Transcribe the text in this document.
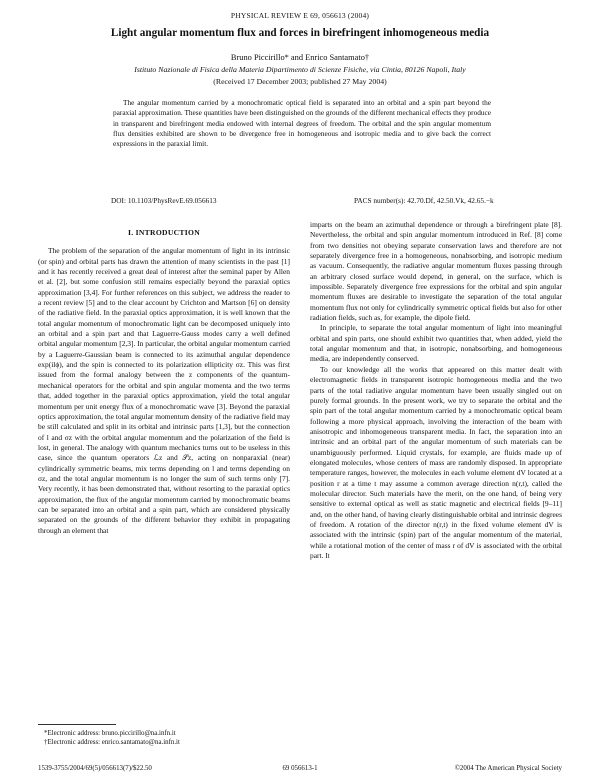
PHYSICAL REVIEW E 69, 056613 (2004)
Light angular momentum flux and forces in birefringent inhomogeneous media
Bruno Piccirillo* and Enrico Santamato†
Istituto Nazionale di Fisica della Materia Dipartimento di Scienze Fisiche, via Cintia, 80126 Napoli, Italy
(Received 17 December 2003; published 27 May 2004)

The angular momentum carried by a monochromatic optical field is separated into an orbital and a spin part beyond the paraxial approximation. These quantities have been distinguished on the grounds of the different mechanical effects they produce in transparent and birefringent media endowed with internal degrees of freedom. The orbital and the spin angular momentum flux densities exhibited are shown to be divergence free in homogeneous and isotropic media and to give back the correct expressions in the paraxial limit.

DOI: 10.1103/PhysRevE.69.056613	PACS number(s): 42.70.Df, 42.50.Vk, 42.65.−k
I. INTRODUCTION

The problem of the separation of the angular momentum of light in its intrinsic (or spin) and orbital parts has drawn the attention of many scientists in the past [1] and it has recently received a great deal of interest after the seminal paper by Allen et al. [2], but some confusion still remains especially beyond the paraxial optics approximation [3,4]. For further references on this subject, we address the reader to a recent review [5] and to the clear account by Crichton and Martson [6] on density of the radiative field. In the paraxial optics approximation, it is well known that the total angular momentum of monochromatic light can be decomposed uniquely into an orbital and a spin part and that Laguerre-Gauss modes carry a well defined orbital angular momentum [2,3]. In particular, the orbital angular momentum carried by a Laguerre-Gaussian beam is connected to its azimuthal angular dependence exp(ilϕ), and the spin is connected to its polarization ellipticity σz. This was first issued from the formal analogy between the z components of the quantum-mechanical operators for the orbital and spin angular momenta and the two terms that, added together in the paraxial optics approximation, yield the total angular momentum per unit energy flux of a monochromatic wave [3]. Beyond the paraxial optics approximation, the total angular momentum density of the radiative field may be still calculated and split in its orbital and intrinsic parts [1,3], but the connection of l and σz with the orbital angular momentum and the polarization of the field is lost, in general. The analogy with quantum mechanics turns out to be useless in this case, since the quantum operators ℒz and 𝒮z, acting on nonparaxial (near) cylindrically symmetric beams, mix terms depending on l and terms depending on σz, and the total angular momentum is no longer the sum of such terms only [7]. Very recently, it has been demonstrated that, without resorting to the paraxial optics approximation, the flux of the angular momentum carried by monochromatic beams can be separated into an orbital and a spin part, which are considered physically separated on the grounds of the different behavior they exhibit in propagating through an element that

imparts on the beam an azimuthal dependence or through a birefringent plate [8]. Nevertheless, the orbital and spin angular momentum introduced in Ref. [8] come from two densities not obeying separate conservation laws and therefore are not separately divergence free in a homogeneous, nonabsorbing, and isotropic medium as vacuum. Consequently, the radiative angular momentum fluxes passing through an arbitrary closed surface would depend, in general, on the surface, which is impossible. Separately divergence free expressions for the orbital and spin angular momentum fluxes are desirable to investigate the separation of the total angular momentum flux not only for cylindrically symmetric optical fields but also for other radiation fields, such as, for example, the dipole field.

In principle, to separate the total angular momentum of light into meaningful orbital and spin parts, one should exhibit two quantities that, when added, yield the total angular momentum and that, in isotropic, nonabsorbing, and homogeneous media, are independently conserved.

To our knowledge all the works that appeared on this matter dealt with electromagnetic fields in transparent isotropic homogeneous media and the two parts of the total radiative angular momentum have been usually singled out on purely formal grounds. In the present work, we try to separate the orbital and the spin part of the total angular momentum carried by a monochromatic optical beam following a more physical approach, involving the interaction of the beam with anisotropic and inhomogeneous transparent media. In fact, the separation into an intrinsic and an orbital part of the angular momentum of such materials can be unambiguously performed. Liquid crystals, for example, are fluids made up of elongated molecules, whose centers of mass are randomly disposed. In appropriate temperature ranges, however, the molecules in each volume element dV located at a position r at a time t may assume a common average direction n(r,t), called the molecular director. Such materials have the merit, on the one hand, of being very sensitive to external optical as well as static magnetic and electrical fields [9–11] and, on the other hand, of having clearly distinguishable orbital and intrinsic degrees of freedom. A rotation of the director n(r,t) in the fixed volume element dV is associated with the intrinsic (spin) part of the angular momentum of the material, while a rotational motion of the center of mass r of dV is associated with the orbital part. It

*Electronic address: bruno.piccirillo@na.infn.it
†Electronic address: enrico.santamato@na.infn.it
1539-3755/2004/69(5)/056613(7)/$22.50	69 056613-1	©2004 The American Physical Society
